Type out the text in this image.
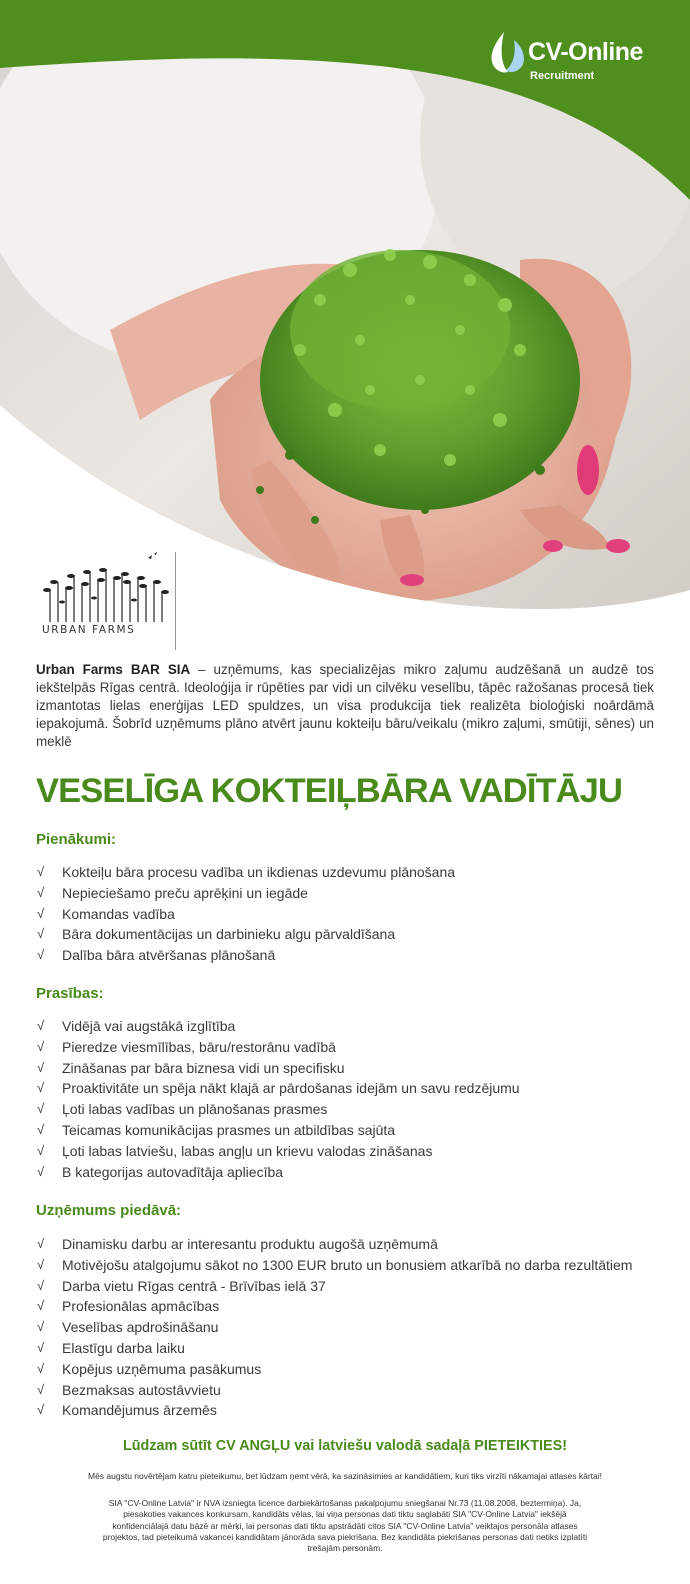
CV-Online
Recruitment
URBAN FARMS

Urban Farms BAR SIA – uzņēmums, kas specializējas mikro zaļumu audzēšanā un audzē tos iekštelpās Rīgas centrā. Ideoloģija ir rūpēties par vidi un cilvēku veselību, tāpēc ražošanas procesā tiek izmantotas lielas enerģijas LED spuldzes, un visa produkcija tiek realizēta bioloģiski noārdāmā iepakojumā. Šobrīd uzņēmums plāno atvērt jaunu kokteiļu bāru/veikalu (mikro zaļumi, smūtiji, sēnes) un meklē

VESELĪGA KOKTEIĻBĀRA VADĪTĀJU
Pienākumi:
√ Kokteiļu bāra procesu vadība un ikdienas uzdevumu plānošana
√ Nepieciešamo preču aprēķini un iegāde
√ Komandas vadība
√ Bāra dokumentācijas un darbinieku algu pārvaldīšana
√ Dalība bāra atvēršanas plānošanā
Prasības:
√ Vidējā vai augstākā izglītība
√ Pieredze viesmīlības, bāru/restorānu vadībā
√ Zināšanas par bāra biznesa vidi un specifisku
√ Proaktivitāte un spēja nākt klajā ar pārdošanas idejām un savu redzējumu
√ Ļoti labas vadības un plānošanas prasmes
√ Teicamas komunikācijas prasmes un atbildības sajūta
√ Ļoti labas latviešu, labas angļu un krievu valodas zināšanas
√ B kategorijas autovadītāja apliecība
Uzņēmums piedāvā:
√ Dinamisku darbu ar interesantu produktu augošā uzņēmumā
√ Motivējošu atalgojumu sākot no 1300 EUR bruto un bonusiem atkarībā no darba rezultātiem
√ Darba vietu Rīgas centrā - Brīvības ielā 37
√ Profesionālas apmācības
√ Veselības apdrošināšanu
√ Elastīgu darba laiku
√ Kopējus uzņēmuma pasākumus
√ Bezmaksas autostāvvietu
√ Komandējumus ārzemēs
Lūdzam sūtīt CV ANGĻU vai latviešu valodā sadaļā PIETEIKTIES!
Mēs augstu novērtējam katru pieteikumu, bet lūdzam ņemt vērā, ka sazināsimies ar kandidātiem, kuri tiks virzīti nākamajai atlases kārtai!
SIA "CV-Online Latvia" ir NVA izsniegta licence darbiekārtošanas pakalpojumu sniegšanai Nr.73 (11.08.2008, beztermiņa). Ja, piesakoties vakances konkursam, kandidāts vēlas, lai viņa personas dati tiktu saglabāti SIA "CV-Online Latvia" iekšējā konfidenciālajā datu bāzē ar mērķi, lai personas dati tiktu apstrādāti citos SIA "CV-Online Latvia" veiktajos personāla atlases projektos, tad pieteikumā vakancei kandidātam jānorāda sava piekrišana. Bez kandidāta piekrišanas personas dati netiks izplatīti trešajām personām.
